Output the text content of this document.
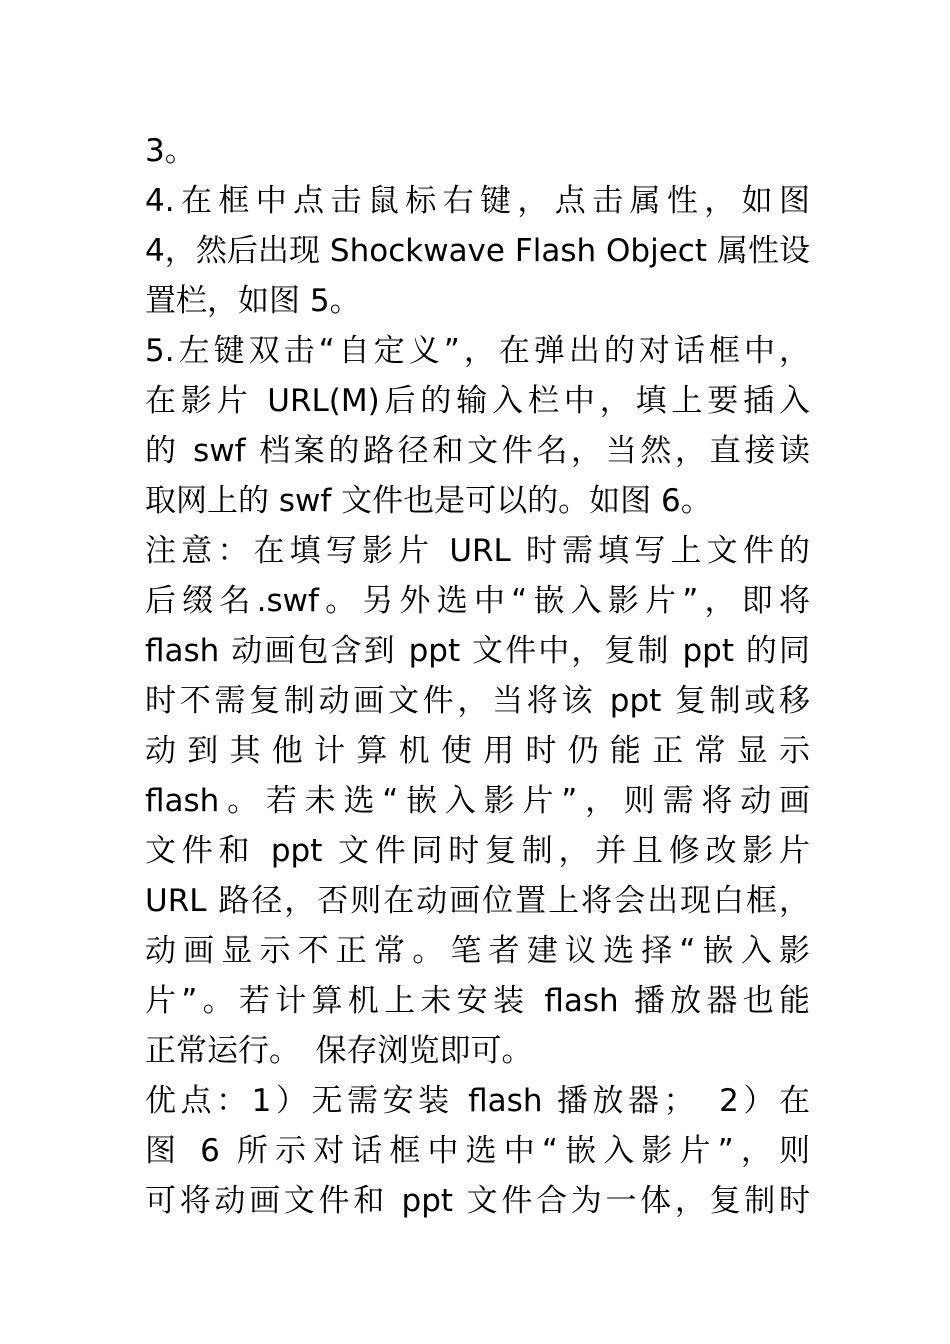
3。
4.在框中点击鼠标右键，点击属性，如图
4，然后出现 Shockwave Flash Object 属性设
置栏，如图 5。
5.左键双击“自定义”，在弹出的对话框中，
在影片 URL(M)后的输入栏中，填上要插入
的 swf 档案的路径和文件名，当然，直接读
取网上的 swf 文件也是可以的。如图 6。
注意：在填写影片 URL 时需填写上文件的
后缀名.swf。另外选中“嵌入影片”，即将
flash 动画包含到 ppt 文件中，复制 ppt 的同
时不需复制动画文件，当将该 ppt 复制或移
动到其他计算机使用时仍能正常显示
flash。若未选“嵌入影片”，则需将动画
文件和 ppt 文件同时复制，并且修改影片
URL 路径，否则在动画位置上将会出现白框，
动画显示不正常。笔者建议选择“嵌入影
片”。若计算机上未安装 flash 播放器也能
正常运行。　保存浏览即可。
优点：1）无需安装 flash 播放器；　2）在
图 6 所示对话框中选中“嵌入影片”，则
可将动画文件和 ppt 文件合为一体，复制时
